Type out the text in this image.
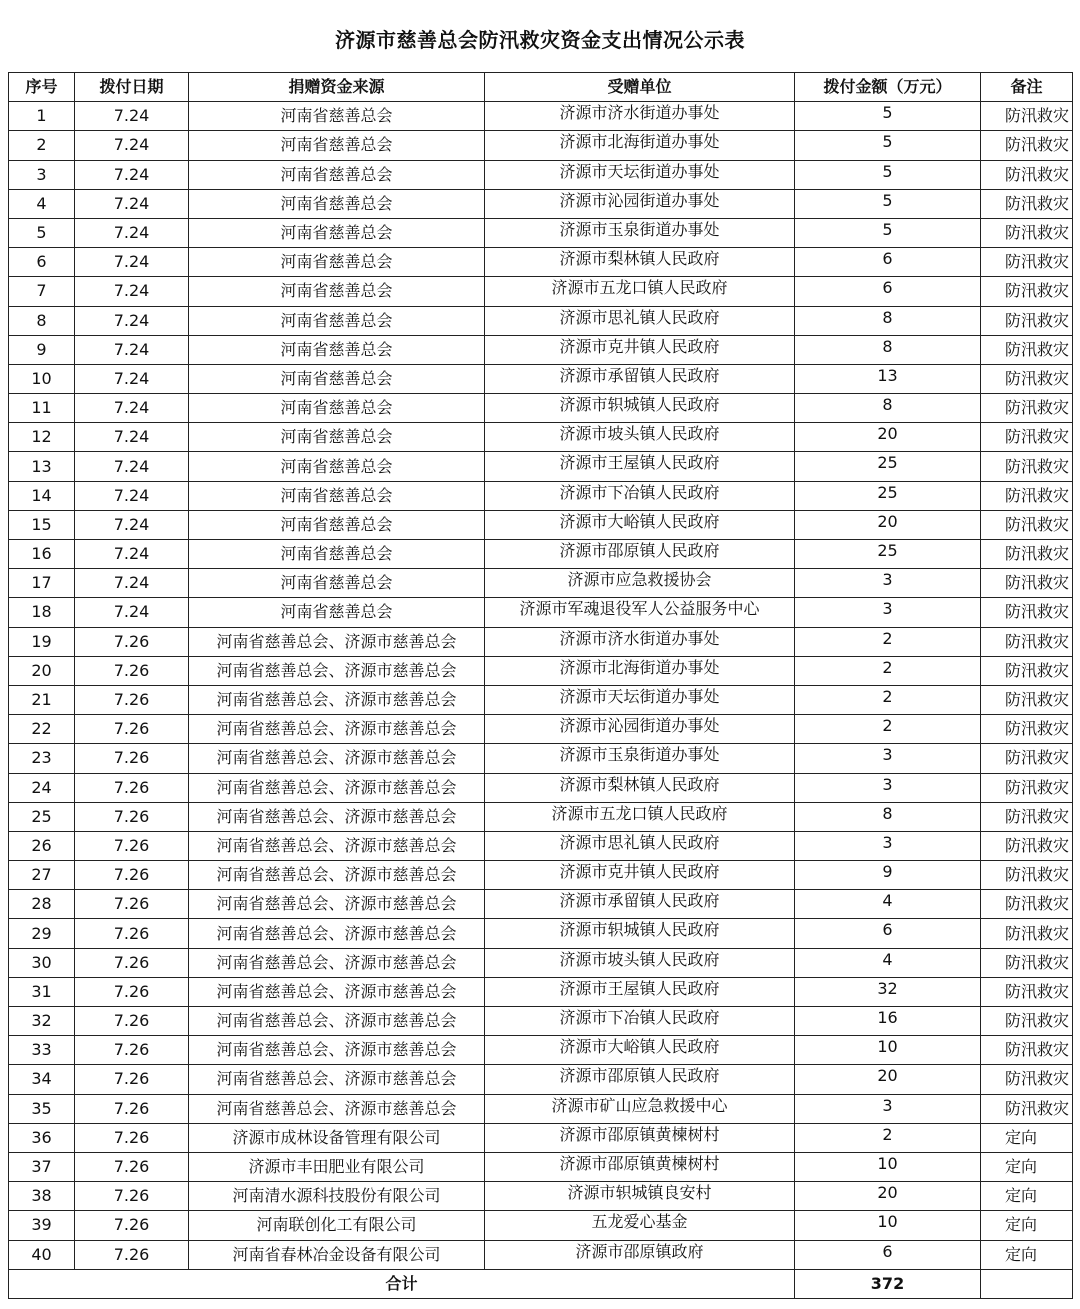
济源市慈善总会防汛救灾资金支出情况公示表
序号	拨付日期	捐赠资金来源	受赠单位	拨付金额（万元）	备注
1	7.24	河南省慈善总会	济源市济水街道办事处	5	防汛救灾
2	7.24	河南省慈善总会	济源市北海街道办事处	5	防汛救灾
3	7.24	河南省慈善总会	济源市天坛街道办事处	5	防汛救灾
4	7.24	河南省慈善总会	济源市沁园街道办事处	5	防汛救灾
5	7.24	河南省慈善总会	济源市玉泉街道办事处	5	防汛救灾
6	7.24	河南省慈善总会	济源市梨林镇人民政府	6	防汛救灾
7	7.24	河南省慈善总会	济源市五龙口镇人民政府	6	防汛救灾
8	7.24	河南省慈善总会	济源市思礼镇人民政府	8	防汛救灾
9	7.24	河南省慈善总会	济源市克井镇人民政府	8	防汛救灾
10	7.24	河南省慈善总会	济源市承留镇人民政府	13	防汛救灾
11	7.24	河南省慈善总会	济源市轵城镇人民政府	8	防汛救灾
12	7.24	河南省慈善总会	济源市坡头镇人民政府	20	防汛救灾
13	7.24	河南省慈善总会	济源市王屋镇人民政府	25	防汛救灾
14	7.24	河南省慈善总会	济源市下冶镇人民政府	25	防汛救灾
15	7.24	河南省慈善总会	济源市大峪镇人民政府	20	防汛救灾
16	7.24	河南省慈善总会	济源市邵原镇人民政府	25	防汛救灾
17	7.24	河南省慈善总会	济源市应急救援协会	3	防汛救灾
18	7.24	河南省慈善总会	济源市军魂退役军人公益服务中心	3	防汛救灾
19	7.26	河南省慈善总会、济源市慈善总会	济源市济水街道办事处	2	防汛救灾
20	7.26	河南省慈善总会、济源市慈善总会	济源市北海街道办事处	2	防汛救灾
21	7.26	河南省慈善总会、济源市慈善总会	济源市天坛街道办事处	2	防汛救灾
22	7.26	河南省慈善总会、济源市慈善总会	济源市沁园街道办事处	2	防汛救灾
23	7.26	河南省慈善总会、济源市慈善总会	济源市玉泉街道办事处	3	防汛救灾
24	7.26	河南省慈善总会、济源市慈善总会	济源市梨林镇人民政府	3	防汛救灾
25	7.26	河南省慈善总会、济源市慈善总会	济源市五龙口镇人民政府	8	防汛救灾
26	7.26	河南省慈善总会、济源市慈善总会	济源市思礼镇人民政府	3	防汛救灾
27	7.26	河南省慈善总会、济源市慈善总会	济源市克井镇人民政府	9	防汛救灾
28	7.26	河南省慈善总会、济源市慈善总会	济源市承留镇人民政府	4	防汛救灾
29	7.26	河南省慈善总会、济源市慈善总会	济源市轵城镇人民政府	6	防汛救灾
30	7.26	河南省慈善总会、济源市慈善总会	济源市坡头镇人民政府	4	防汛救灾
31	7.26	河南省慈善总会、济源市慈善总会	济源市王屋镇人民政府	32	防汛救灾
32	7.26	河南省慈善总会、济源市慈善总会	济源市下冶镇人民政府	16	防汛救灾
33	7.26	河南省慈善总会、济源市慈善总会	济源市大峪镇人民政府	10	防汛救灾
34	7.26	河南省慈善总会、济源市慈善总会	济源市邵原镇人民政府	20	防汛救灾
35	7.26	河南省慈善总会、济源市慈善总会	济源市矿山应急救援中心	3	防汛救灾
36	7.26	济源市成林设备管理有限公司	济源市邵原镇黄楝树村	2	定向
37	7.26	济源市丰田肥业有限公司	济源市邵原镇黄楝树村	10	定向
38	7.26	河南清水源科技股份有限公司	济源市轵城镇良安村	20	定向
39	7.26	河南联创化工有限公司	五龙爱心基金	10	定向
40	7.26	河南省春林冶金设备有限公司	济源市邵原镇政府	6	定向
合计				372	
